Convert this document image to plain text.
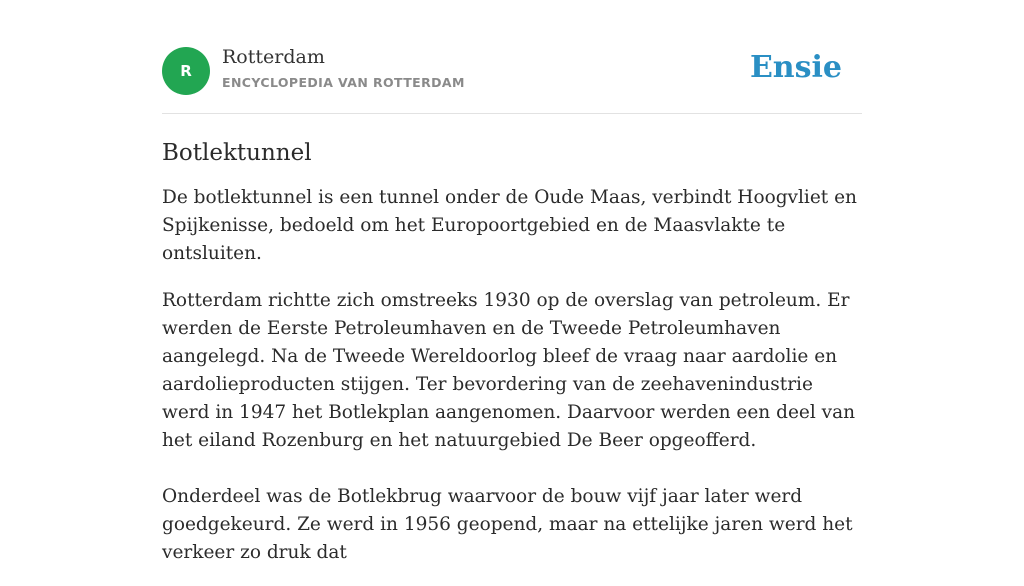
R
Rotterdam
ENCYCLOPEDIA VAN ROTTERDAM	Ensie
Botlektunnel

De botlektunnel is een tunnel onder de Oude Maas, verbindt Hoogvliet en Spijkenisse, bedoeld om het Europoortgebied en de Maasvlakte te ontsluiten.

Rotterdam richtte zich omstreeks 1930 op de overslag van petroleum. Er werden de Eerste Petroleumhaven en de Tweede Petroleumhaven aangelegd. Na de Tweede Wereldoorlog bleef de vraag naar aardolie en aardolieproducten stijgen. Ter bevordering van de zeehavenindustrie werd in 1947 het Botlekplan aangenomen. Daarvoor werden een deel van het eiland Rozenburg en het natuurgebied De Beer opgeofferd.

Onderdeel was de Botlekbrug waarvoor de bouw vijf jaar later werd goedgekeurd. Ze werd in 1956 geopend, maar na ettelijke jaren werd het verkeer zo druk dat
